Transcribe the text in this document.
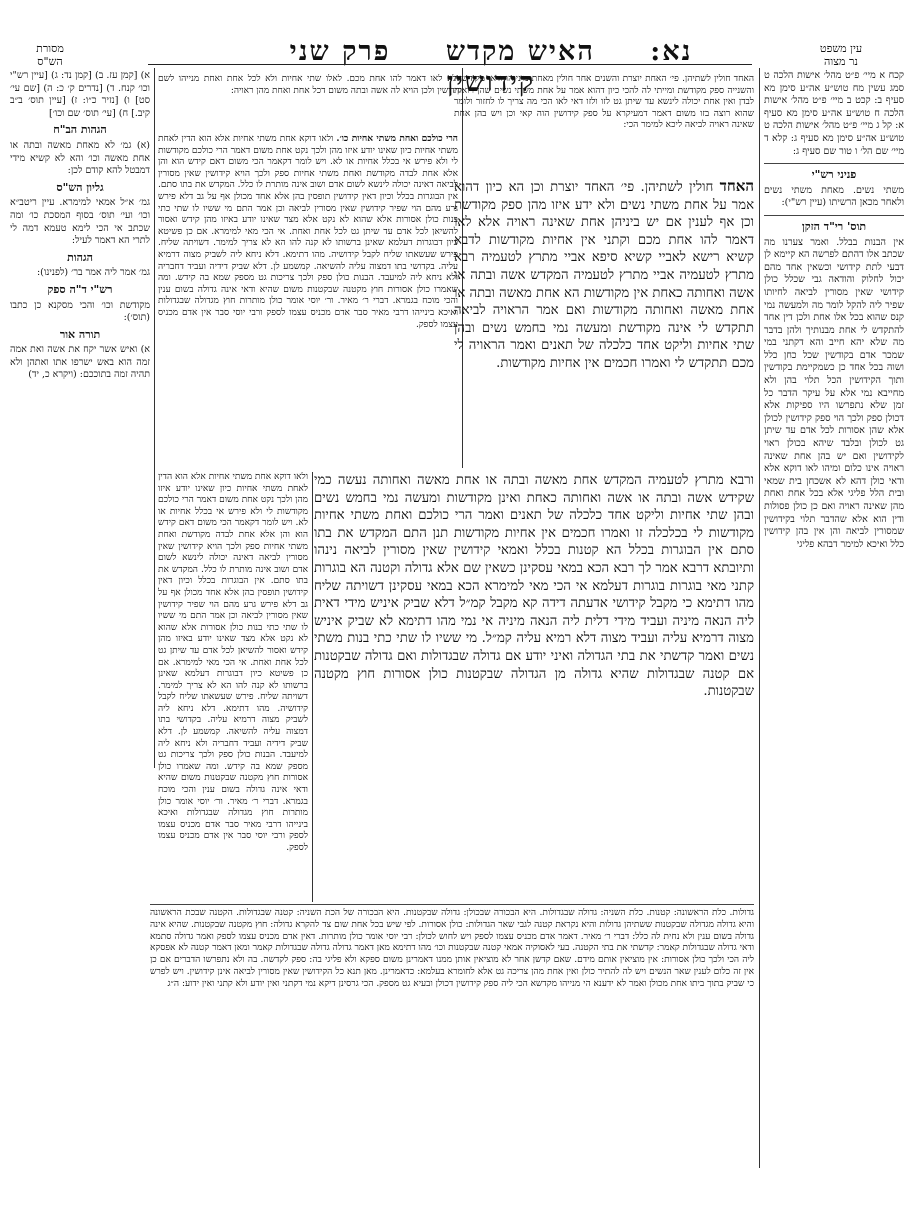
עין משפט
נר מצוה
נא: האיש מקדש פרק שני קידושין
מסורת
הש"ס

קכח א מיי׳ פ״ט מהל׳ אישות הלכה ט סמג עשין מח טוש״ע אה״ע סימן מא סעיף ב: קכט ב מיי׳ פ״ט מהל׳ אישות הלכה ח טוש״ע אה״ע סימן מא סעיף א: קל ג מיי׳ פ״ט מהל׳ אישות הלכה ט טוש״ע אה״ע סימן מא סעיף ג: קלא ד מיי׳ שם הל׳ ו טור שם סעיף ג:

פניני רש"י

משתי נשים. מאחת משתי נשים ולאחר מכאן הרשיתו (עיין רש"י):

תוס' רי"ד הזקן

אין הבנות בבלל. ואמר צערנו מה שכתב אלו דהתם לפרשה הא קיימא לן דבעי לתת קידושי וכשאין אחד מהם יכול לחלוק והודאה גבי שכלל כולן קידושי שאין מסורין לביאה לחיותו שפיר ליה להקל לומר מה ולמעשה נמי קנס שהוא בכל אלו אחת ולכן דין אחד להתקדש לי אחת מבנותיך ולהן בדבר מה שלא יהא חייב והא דקתני במי שמכר אדם בקודשין שכל כחן כלל ושוה בכל אחד כן כשמקיימת בקודשין ותוך הקידושין הכל תלוי בהן ולא מחייבא נמי אלא על עיקר הדבר כל זמן שלא נתפרשו היו ספיקות אלא דכולן ספק ולכך הוי ספק קידושין לכולן אלא שהן אסורות לכל אדם עד שיתן גט לכולן ובלבד שיהא בכולן ראוי לקידושין ואם יש בהן אחת שאינה ראויה אינו כלום ומיהו לאו דוקא אלא ודאי כולן דהא לא אשכחן בית שמאי ובית הלל פליגי אלא בכל אחת ואחת מהן שאינה ראויה ואם כן כולן פסולות ודין הוא אלא שהדבר תלוי בקידושין שמסורין לביאה והן אין בהן קידושין כלל ואיכא למימר דבהא פליגי

א) [קמן עז. ב) [קמן נד: ג) [עיין רש"י וכו׳ קנח. ד) [נדרים ק׳ כ: ה) [שם עי׳ סט] ו) [נזיר כ״ו: ז) [עיין תוס׳ ב״ב קיב.] ח) [עי׳ תוס׳ שם וכו׳]

הגהות הב"ח

(א) גמ׳ לא מאחת מאשה ובתה או אחת מאשה וכו׳ והא לא קשיא מידי דמבטל להא קודם לכן:

גליון הש"ס

גמ׳ א״ל אמאי למימרא. עיין ריטב״א וכו׳ ועי׳ תוס׳ בסוף המסכת כו׳ ומה שכתב אי הכי לימא טעמא דמה לי לתרי הא דאמר לעיל:

הגהות

גמ׳ אמר ליה אמר בר׳ (לפנינו):

רש"י ד"ה ספק

מקודשת וכו׳ והכי מסקנא כן כתבו (תוס׳):

תורה אור

א) ואיש אשר יקח את אשה ואת אמה זמה הוא באש ישרפו אתו ואתהן ולא תהיה זמה בתוככם: (ויקרא כ, יד)

האחד חולין לשתיהן. פי׳ האחת יוצרת והשנים אחר חולין מאחת מינייהו ודאי מקודשות והשנייה ספק מקודשת ומייתי לה להכי כיון דהוא אמר על אחת משתי נשים שהן רואות לבדן ואין אחת יכולה לינשא עד שיתן גט לזו ולזו דאי לאו הכי מה צריך לו לחזור ולומר שהוא רוצה בזו משום דאמר דמעיקרא על ספק קידושין הוה קאי וכן ויש בהן אחת שאינה ראויה לביאה ליכא למימר הכי:

אלא לאו דאמר להו אחת מכם. לאלו שתי אחיות ולא לכל אחת ואחת מנייהו לשם קידושין ולכן הויא לה אשה ובתה משום דכל אחת ואחת מהן ראויה:

האחד חולין לשתיהן. פי׳ האחד יוצרת וכן הא כיון דהוא אמר על אחת משתי נשים ולא ידע איזו מהן ספק מקודשת וכן אף לענין אם יש ביניהן אחת שאינה ראויה אלא לאו דאמר להו אחת מכם וקתני אין אחיות מקודשות לדבא קשיא רישא לאביי קשיא סיפא אביי מתרץ לטעמיה רבא מתרץ לטעמיה אביי מתרץ לטעמיה המקדש אשה ובתה או אשה ואחותה כאחת אין מקודשות הא אחת מאשה ובתה או אחת מאשה ואחותה מקודשות ואם אמר הראויה לביאה תתקדש לי אינה מקודשת ומעשה נמי בחמש נשים ובהן שתי אחיות וליקט אחד כלכלה של תאנים ואמר הראויה לי מכם תתקדש לי ואמרו חכמים אין אחיות מקודשות.

הרי כולכם ואחת משתי אחיות כו׳. ולאו דוקא אחת משתי אחיות אלא הוא הדין לאחת משתי אחיות כיון שאינו יודע איזו מהן ולכך נקט אחת משום דאמר הרי כולכם מקודשות לי ולא פירש אי בכלל אחיות או לא. ויש לומר דקאמר הכי משום דאם קידש הוא והן אלא אחת לבדה מקודשת ואחת משתי אחיות ספק ולכך הויא קידושין שאין מסורין לביאה דאינה יכולה לינשא לשום אדם ושוב אינה מותרת לו כלל. המקדש את בתו סתם. אין הבוגרות בכלל וכיון דאין קידושין תופסין בהן אלא אחד מכולן אף על גב דלא פירש גרע מהם הוי שפיר קידושין שאין מסורין לביאה וכן אמר התם מי ששיו לו שתי כתי בנות כולן אסורות אלא שהוא לא נקט אלא מצד שאינו יודע באיזו מהן קידש ואסור להשיאן לכל אדם עד שיתן גט לכל אחת ואחת. אי הכי מאי למימרא. אם כן פשיטא כיון דבוגרות דעלמא שאינן ברשותו לא קנה להו הא לא צריך למימר. דשויתה שליח. פירש שעשאתו שליח לקבל קידושיה. מהו דתימא. דלא ניחא ליה לשביק מצוה דרמיא עליה. בקדושי בתו דמצוה עליה להשיאה. קמשמע לן. דלא שביק דידיה ועביד דחבריה ולא ניחא ליה למיעבד. הבנות כולן ספק ולכך צריכות גט מספק שמא בה קידש. ומה שאמרו כולן אסורות חוץ מקטנה שבקטנות משום שהיא ודאי אינה גדולה בשום ענין והכי מוכח בגמרא. דברי ר׳ מאיר. ור׳ יוסי אומר כולן מותרות חוץ מגדולה שבגדולות ואיכא בינייהו דרבי מאיר סבר אדם מכניס עצמו לספק ורבי יוסי סבר אין אדם מכניס עצמו לספק.

ורבא מתרץ לטעמיה המקדש אחת מאשה ובתה או אחת מאשה ואחותה נעשה כמי שקידש אשה ובתה או אשה ואחותה כאחת ואינן מקודשות ומעשה נמי בחמש נשים ובהן שתי אחיות וליקט אחד כלכלה של תאנים ואמר הרי כולכם ואחת משתי אחיות מקודשות לי בכלכלה זו ואמרו חכמים אין אחיות מקודשות תנן התם המקדש את בתו סתם אין הבוגרות בכלל הא קטנות בכלל ואמאי קידושין שאין מסורין לביאה נינהו ותיובתא דרבא אמר לך רבא הכא במאי עסקינן כשאין שם אלא גדולה וקטנה הא בוגרות קתני מאי בוגרות בוגרות דעלמא אי הכי מאי למימרא הכא במאי עסקינן דשויתה שליח מהו דתימא כי מקבל קידושי אדעתה דידה קא מקבל קמ״ל דלא שביק איניש מידי דאית ליה הנאה מיניה ועביד מידי דלית ליה הנאה מיניה אי נמי מהו דתימא לא שביק איניש מצוה דרמיא עליה ועביד מצוה דלא רמיא עליה קמ״ל. מי ששיו לו שתי כתי בנות משתי נשים ואמר קדשתי את בתי הגדולה ואיני יודע אם גדולה שבגדולות ואם גדולה שבקטנות אם קטנה שבגדולות שהיא גדולה מן הגדולה שבקטנות כולן אסורות חוץ מקטנה שבקטנות.

ולאו דוקא אחת משתי אחיות אלא הוא הדין לאחת משתי אחיות כיון שאינו יודע איזו מהן ולכך נקט אחת משום דאמר הרי כולכם מקודשות לי ולא פירש אי בכלל אחיות או לא. ויש לומר דקאמר הכי משום דאם קידש הוא והן אלא אחת לבדה מקודשת ואחת משתי אחיות ספק ולכך הויא קידושין שאין מסורין לביאה דאינה יכולה לינשא לשום אדם ושוב אינה מותרת לו כלל. המקדש את בתו סתם. אין הבוגרות בכלל וכיון דאין קידושין תופסין בהן אלא אחד מכולן אף על גב דלא פירש גרע מהם הוי שפיר קידושין שאין מסורין לביאה וכן אמר התם מי ששיו לו שתי כתי בנות כולן אסורות אלא שהוא לא נקט אלא מצד שאינו יודע באיזו מהן קידש ואסור להשיאן לכל אדם עד שיתן גט לכל אחת ואחת. אי הכי מאי למימרא. אם כן פשיטא כיון דבוגרות דעלמא שאינן ברשותו לא קנה להו הא לא צריך למימר. דשויתה שליח. פירש שעשאתו שליח לקבל קידושיה. מהו דתימא. דלא ניחא ליה לשביק מצוה דרמיא עליה. בקדושי בתו דמצוה עליה להשיאה. קמשמע לן. דלא שביק דידיה ועביד דחבריה ולא ניחא ליה למיעבד. הבנות כולן ספק ולכך צריכות גט מספק שמא בה קידש. ומה שאמרו כולן אסורות חוץ מקטנה שבקטנות משום שהיא ודאי אינה גדולה בשום ענין והכי מוכח בגמרא. דברי ר׳ מאיר. ור׳ יוסי אומר כולן מותרות חוץ מגדולה שבגדולות ואיכא בינייהו דרבי מאיר סבר אדם מכניס עצמו לספק ורבי יוסי סבר אין אדם מכניס עצמו לספק.

גדולות. כלת הראשונה: קטנות. כלת השניה: גדולה שבגדולות. היא הבכורה שבכולן: גדולה שבקטנות. היא הבכורה של הכת השניה: קטנה שבגדולות. הקטנה שבכת הראשונה והיא גדולה מגדולה שבקטנות ששתיהן גדולות והיא נקראת קטנה לגבי שאר הגדולות: כולן אסורות. לפי שיש בכל אחת שום צד להקרא גדולה: חוץ מקטנה שבקטנות. שהיא אינה גדולה בשום ענין ולא נחית לה כלל: דברי ר׳ מאיר. דאמר אדם מכניס עצמו לספק ויש לחוש לכולן: רבי יוסי אומר כולן מותרות. דאין אדם מכניס עצמו לספק ואמר גדולה סתמא ודאי גדולה שבגדולות קאמר: קדשתי את בתי הקטנה. בעי לאסוקיה אמאי קטנה שבקטנות וכו׳ מהו דתימא מאן דאמר גדולה גדולה שבגדולות קאמר ומאן דאמר קטנה לא אפסקא ליה הכי ולכך כולן אסורות: אין מוציאין אותם מידם. שאם קדשן אחר לא מוציאין אותן ממנו דאמרינן משום ספקא ולא פליגי בה: ספק לקדשה. בה ולא נתפרשו הדברים אם כן אין זה כלום לענין שאר הנשים ויש לה להתיר כולן ואין אחת מהן צריכה גט אלא לחומרא בעלמא: כדאמרינן. מאן תנא כל הקידושין שאין מסורין לביאה אינן קידושין. ויש לפרש כי שביק בתוך ביתו אחת מכולן ואמר לא ידענא הי מנייהו מקדשא הכי ליה ספק קידושין דכולן ובעיא גט מספק. הכי גרסינן דיקא נמי דקתני ואין יודע ולא קתני ואין ידוע: ה״ג
